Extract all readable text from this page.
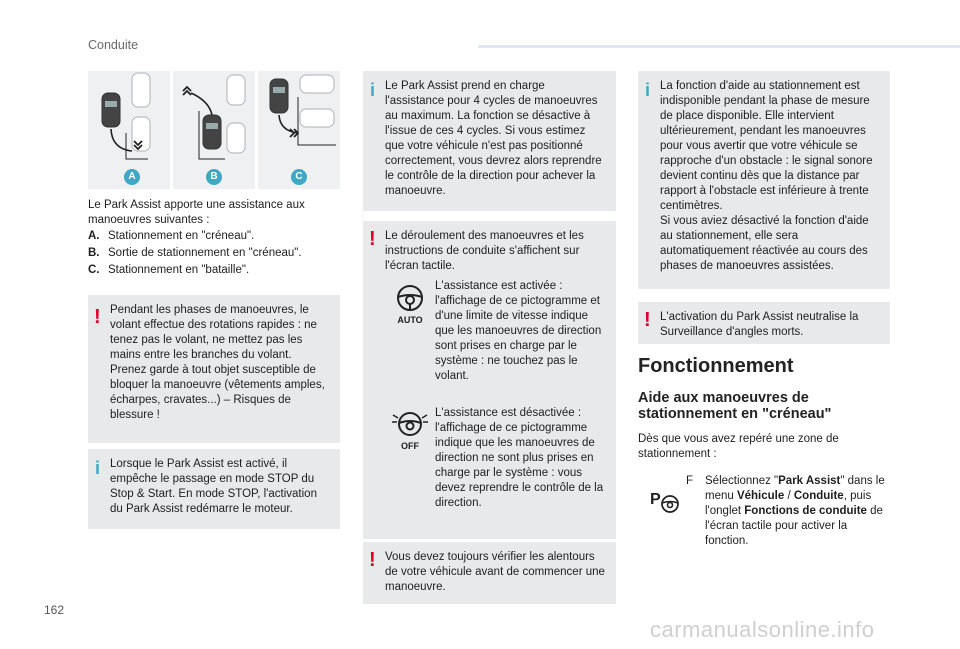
Conduite
A	B	C
Le Park Assist apporte une assistance aux manoeuvres suivantes :
A. Stationnement en "créneau".
B. Sortie de stationnement en "créneau".
C. Stationnement en "bataille".
! Pendant les phases de manoeuvres, le volant effectue des rotations rapides : ne tenez pas le volant, ne mettez pas les mains entre les branches du volant. Prenez garde à tout objet susceptible de bloquer la manoeuvre (vêtements amples, écharpes, cravates...) – Risques de blessure !
i Lorsque le Park Assist est activé, il empêche le passage en mode STOP du Stop & Start. En mode STOP, l'activation du Park Assist redémarre le moteur.
i Le Park Assist prend en charge l'assistance pour 4 cycles de manoeuvres au maximum. La fonction se désactive à l'issue de ces 4 cycles. Si vous estimez que votre véhicule n'est pas positionné correctement, vous devrez alors reprendre le contrôle de la direction pour achever la manoeuvre.
! Le déroulement des manoeuvres et les instructions de conduite s'affichent sur l'écran tactile.
AUTO
L'assistance est activée : l'affichage de ce pictogramme et d'une limite de vitesse indique que les manoeuvres de direction sont prises en charge par le système : ne touchez pas le volant.
OFF
L'assistance est désactivée : l'affichage de ce pictogramme indique que les manoeuvres de direction ne sont plus prises en charge par le système : vous devez reprendre le contrôle de la direction.
! Vous devez toujours vérifier les alentours de votre véhicule avant de commencer une manoeuvre.
i La fonction d'aide au stationnement est indisponible pendant la phase de mesure de place disponible. Elle intervient ultérieurement, pendant les manoeuvres pour vous avertir que votre véhicule se rapproche d'un obstacle : le signal sonore devient continu dès que la distance par rapport à l'obstacle est inférieure à trente centimètres.
Si vous aviez désactivé la fonction d'aide au stationnement, elle sera automatiquement réactivée au cours des phases de manoeuvres assistées.
! L'activation du Park Assist neutralise la Surveillance d'angles morts.
Fonctionnement
Aide aux manoeuvres de stationnement en "créneau"
Dès que vous avez repéré une zone de stationnement :
P
F	Sélectionnez "Park Assist" dans le menu Véhicule / Conduite, puis l'onglet Fonctions de conduite de l'écran tactile pour activer la fonction.
162
carmanualsonline.info
